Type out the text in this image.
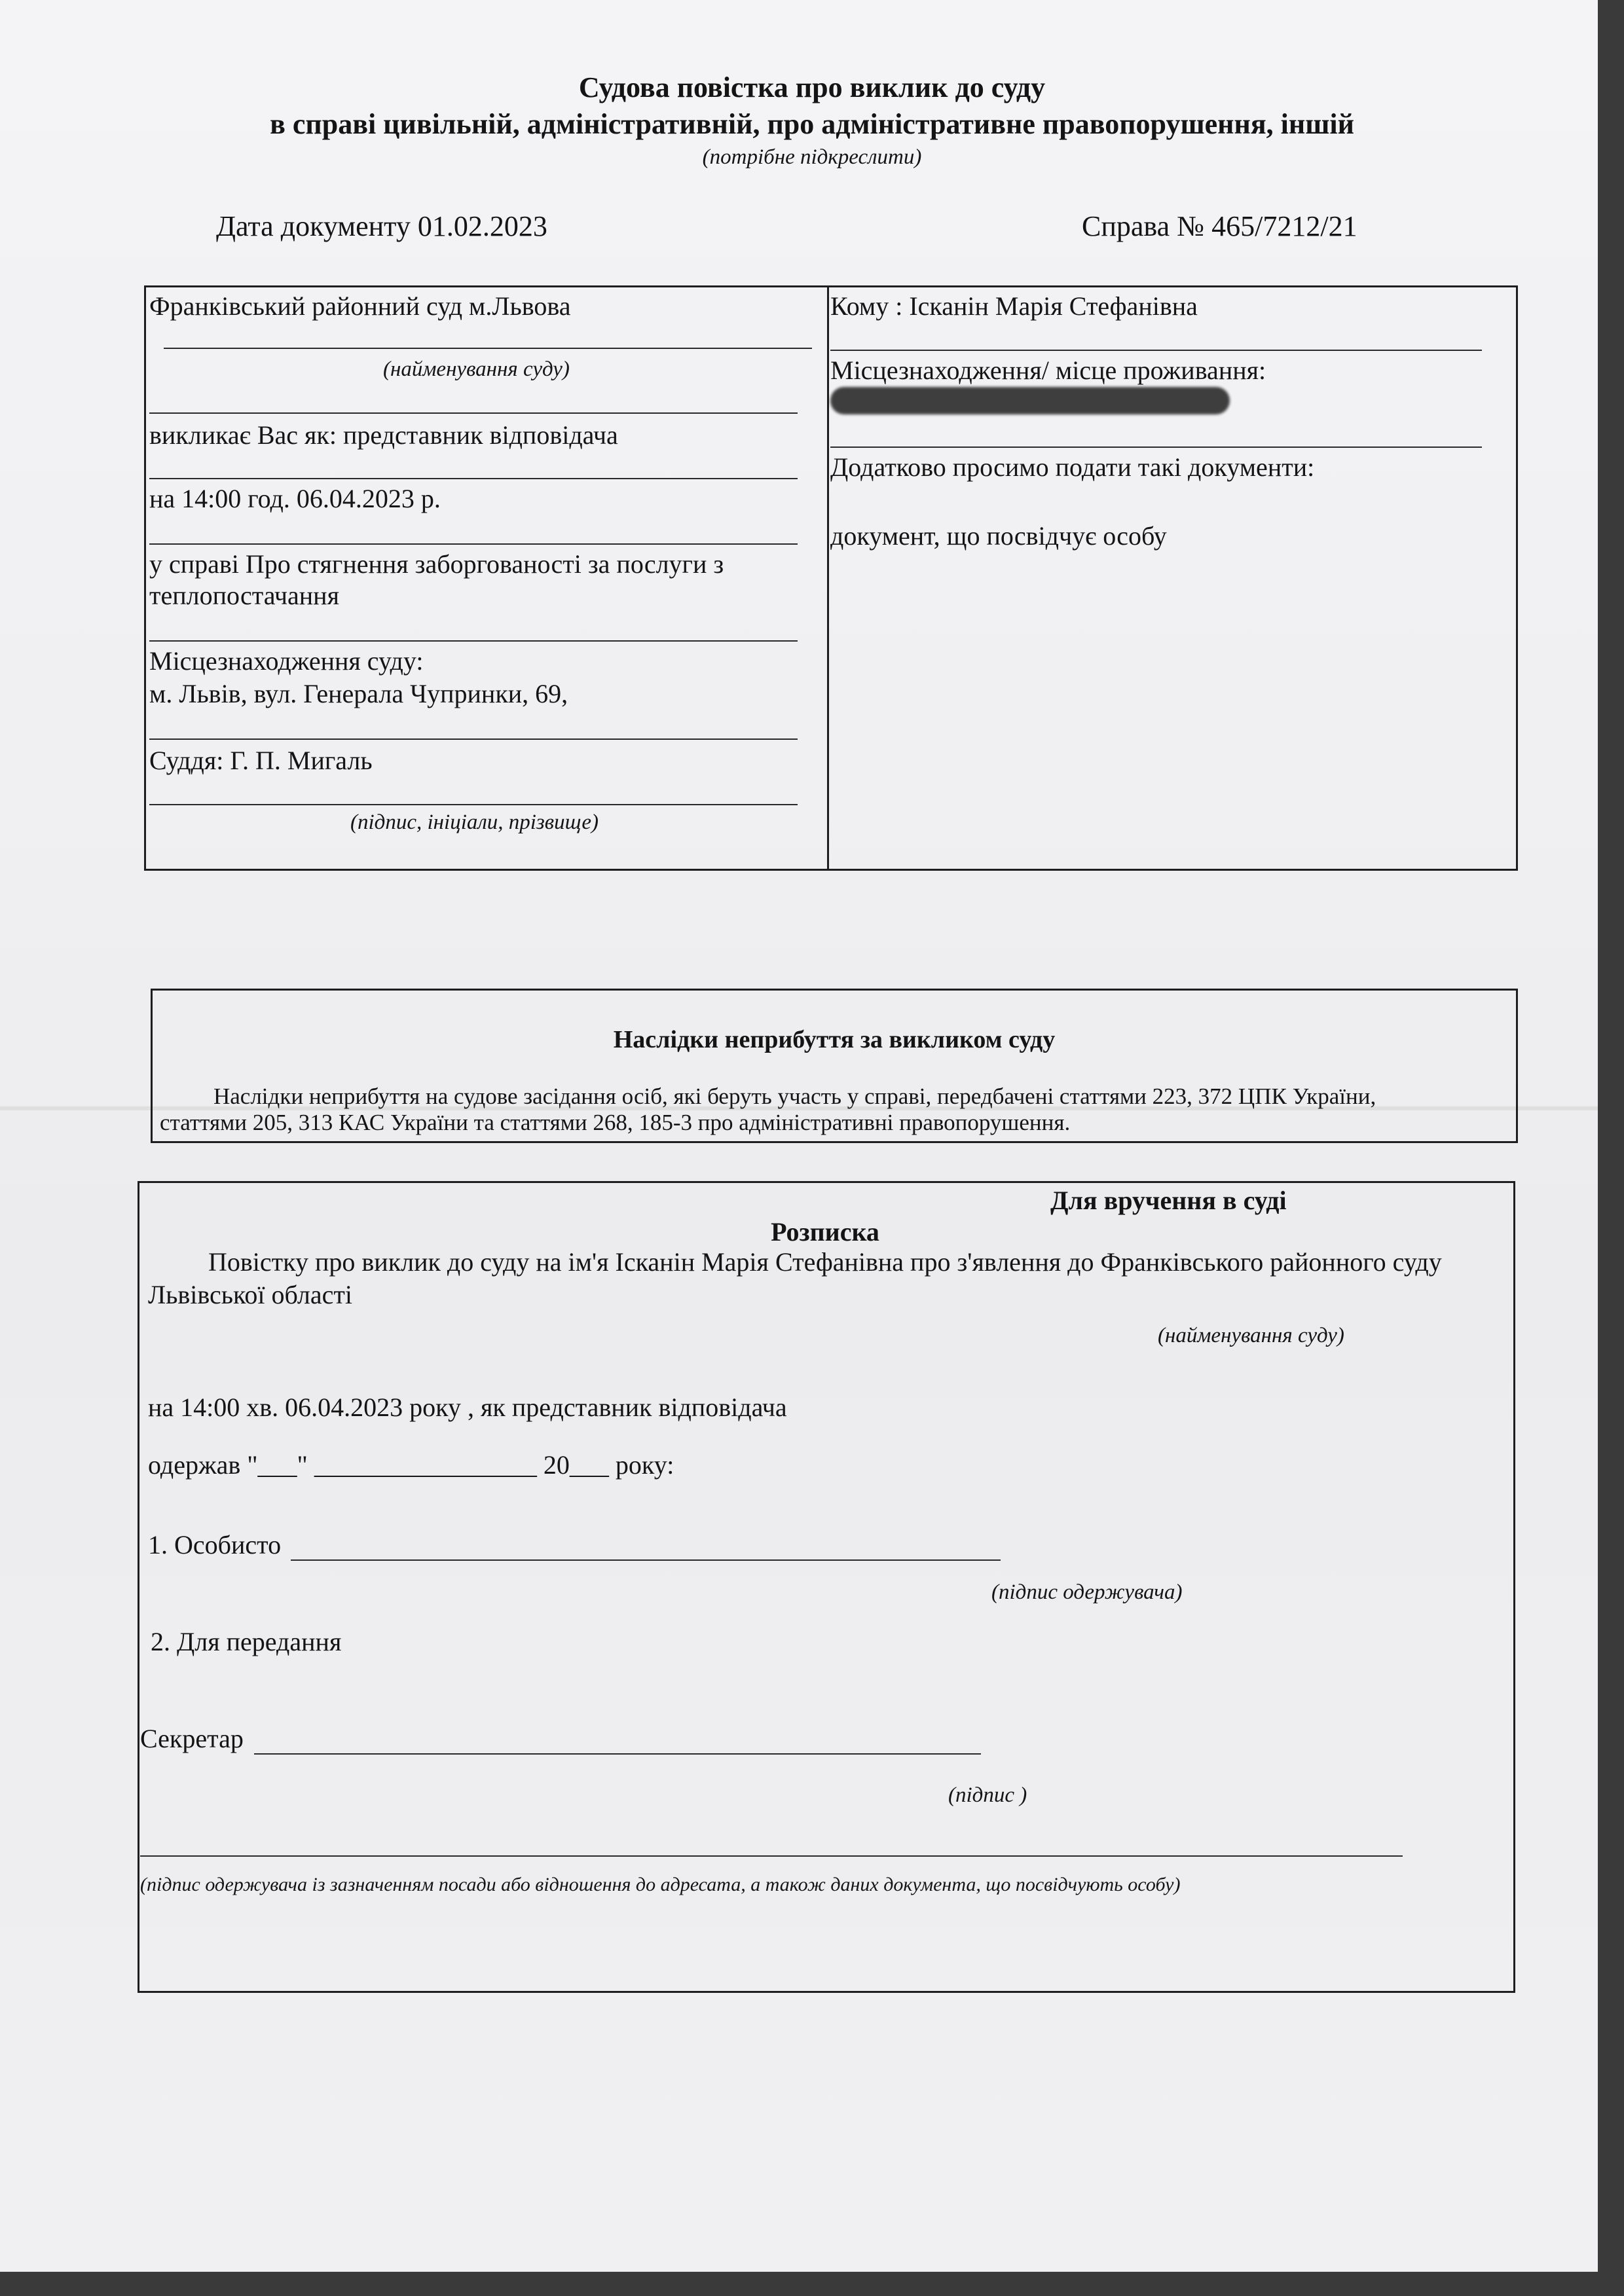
Судова повістка про виклик до суду
в справі цивільній, адміністративній, про адміністративне правопорушення, іншій
(потрібне підкреслити)
Дата документу 01.02.2023	Справа № 465/7212/21
Франківський районний суд м.Львова
(найменування суду)
викликає Вас як: представник відповідача
на 14:00 год. 06.04.2023 р.
у справі Про стягнення заборгованості за послуги з
теплопостачання
Місцезнаходження суду:
м. Львів, вул. Генерала Чупринки, 69,
Суддя: Г. П. Мигаль
(підпис, ініціали, прізвище)
Кому : Ісканін Марія Стефанівна
Місцезнаходження/ місце проживання:
Додатково просимо подати такі документи:
документ, що посвідчує особу
Наслідки неприбуття за викликом суду
Наслідки неприбуття на судове засідання осіб, які беруть участь у справі, передбачені статтями 223, 372 ЦПК України,
статтями 205, 313 КАС України та статтями 268, 185-3 про адміністративні правопорушення.
Для вручення в суді
Розписка
Повістку про виклик до суду на ім'я Ісканін Марія Стефанівна про з'явлення до Франківського районного суду
Львівської області
(найменування суду)
на 14:00 хв. 06.04.2023 року , як представник відповідача
одержав "___" _________________ 20___ року:
1. Особисто
(підпис одержувача)
2. Для передання
Секретар
(підпис )
(підпис одержувача із зазначенням посади або відношення до адресата, а також даних документа, що посвідчують особу)
